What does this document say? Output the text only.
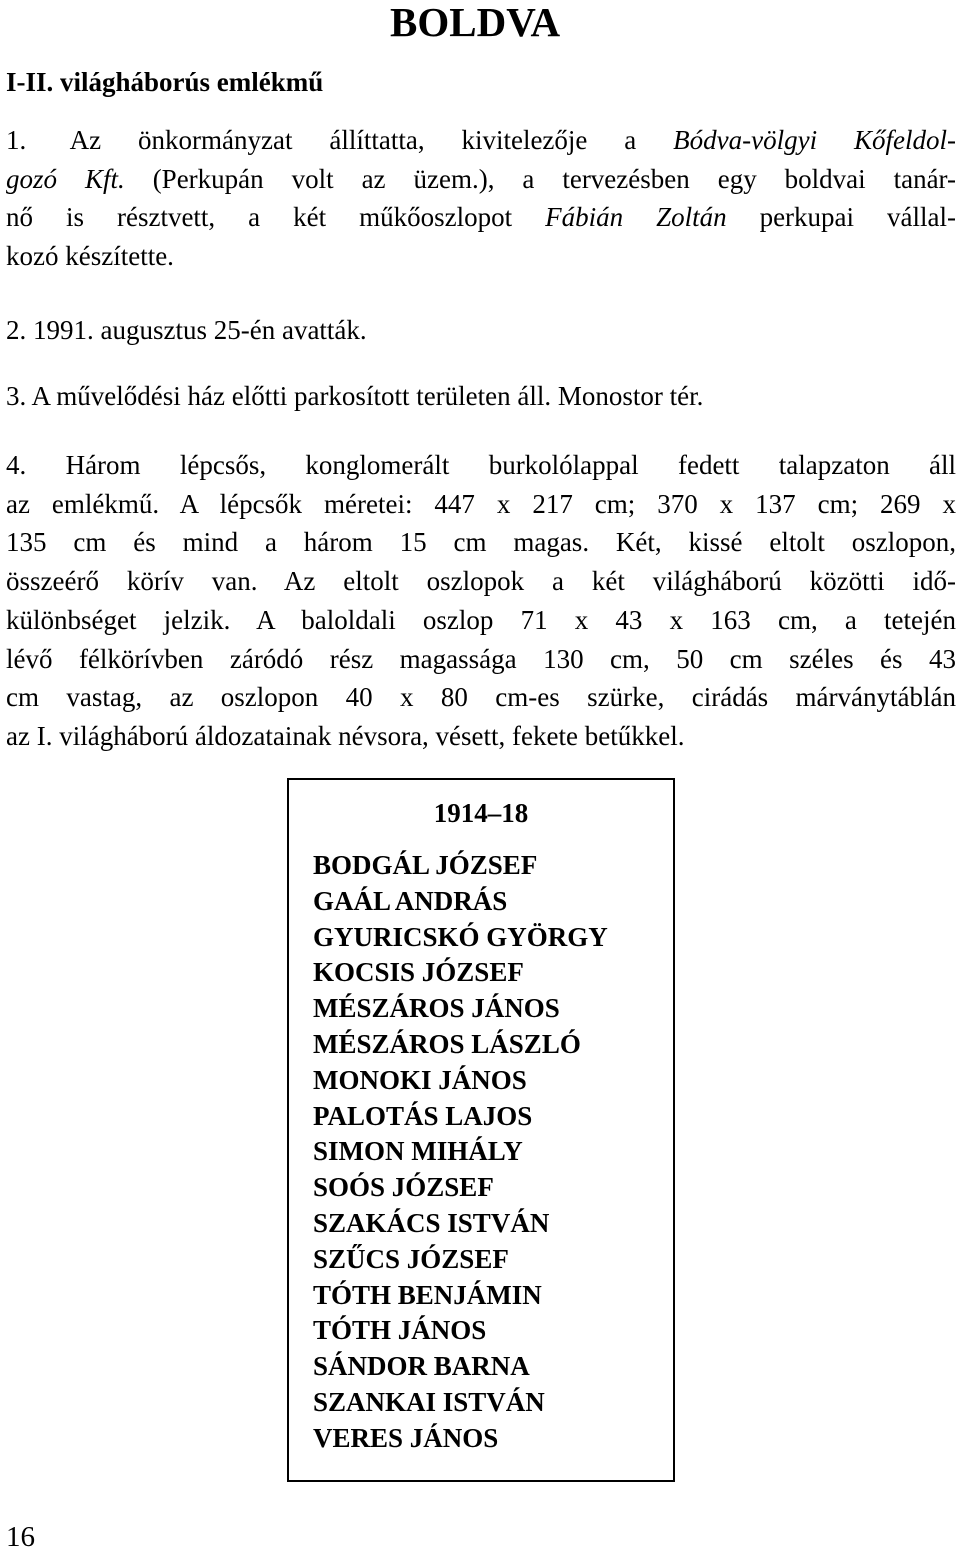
BOLDVA
I-II. világháborús emlékmű
1. Az önkormányzat állíttatta, kivitelezője a Bódva-völgyi Kőfeldol-
gozó Kft. (Perkupán volt az üzem.), a tervezésben egy boldvai tanár-
nő is résztvett, a két műkőoszlopot Fábián Zoltán perkupai vállal-
kozó készítette.
2. 1991. augusztus 25-én avatták.
3. A művelődési ház előtti parkosított területen áll. Monostor tér.
4. Három lépcsős, konglomerált burkolólappal fedett talapzaton áll
az emlékmű. A lépcsők méretei: 447 x 217 cm; 370 x 137 cm; 269 x
135 cm és mind a három 15 cm magas. Két, kissé eltolt oszlopon,
összeérő körív van. Az eltolt oszlopok a két világháború közötti idő-
különbséget jelzik. A baloldali oszlop 71 x 43 x 163 cm, a tetején
lévő félkörívben záródó rész magassága 130 cm, 50 cm széles és 43
cm vastag, az oszlopon 40 x 80 cm-es szürke, cirádás márványtáblán
az I. világháború áldozatainak névsora, vésett, fekete betűkkel.

1914–18

BODGÁL JÓZSEF
GAÁL ANDRÁS
GYURICSKÓ GYÖRGY
KOCSIS JÓZSEF
MÉSZÁROS JÁNOS
MÉSZÁROS LÁSZLÓ
MONOKI JÁNOS
PALOTÁS LAJOS
SIMON MIHÁLY
SOÓS JÓZSEF
SZAKÁCS ISTVÁN
SZŰCS JÓZSEF
TÓTH BENJÁMIN
TÓTH JÁNOS
SÁNDOR BARNA
SZANKAI ISTVÁN
VERES JÁNOS

16
